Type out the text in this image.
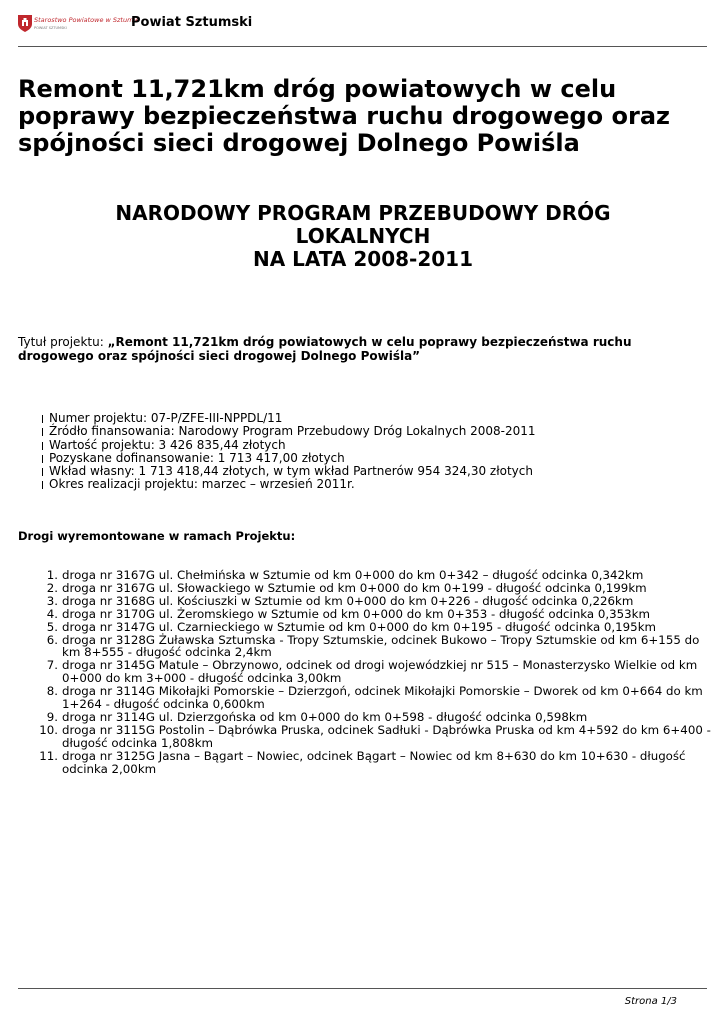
Starostwo Powiatowe w Sztumie
POWIAT SZTUMSKI	Powiat Sztumski
Remont 11,721km dróg powiatowych w celu poprawy bezpieczeństwa ruchu drogowego oraz spójności sieci drogowej Dolnego Powiśla
NARODOWY PROGRAM PRZEBUDOWY DRÓG
LOKALNYCH
NA LATA 2008-2011

Tytuł projektu: „Remont 11,721km dróg powiatowych w celu poprawy bezpieczeństwa ruchu drogowego oraz spójności sieci drogowej Dolnego Powiśla”

Numer projektu: 07-P/ZFE-III-NPPDL/11
Źródło finansowania: Narodowy Program Przebudowy Dróg Lokalnych 2008-2011
Wartość projektu: 3 426 835,44 złotych
Pozyskane dofinansowanie: 1 713 417,00 złotych
Wkład własny: 1 713 418,44 złotych, w tym wkład Partnerów 954 324,30 złotych
Okres realizacji projektu: marzec – wrzesień 2011r.
Drogi wyremontowane w ramach Projektu:
1. droga nr 3167G ul. Chełmińska w Sztumie od km 0+000 do km 0+342 – długość odcinka 0,342km
2. droga nr 3167G ul. Słowackiego w Sztumie od km 0+000 do km 0+199 - długość odcinka 0,199km
3. droga nr 3168G ul. Kościuszki w Sztumie od km 0+000 do km 0+226 - długość odcinka 0,226km
4. droga nr 3170G ul. Żeromskiego w Sztumie od km 0+000 do km 0+353 - długość odcinka 0,353km
5. droga nr 3147G ul. Czarnieckiego w Sztumie od km 0+000 do km 0+195 - długość odcinka 0,195km
6. droga nr 3128G Żuławska Sztumska - Tropy Sztumskie, odcinek Bukowo – Tropy Sztumskie od km 6+155 do km 8+555 - długość odcinka 2,4km
7. droga nr 3145G Matule – Obrzynowo, odcinek od drogi wojewódzkiej nr 515 – Monasterzysko Wielkie od km 0+000 do km 3+000 - długość odcinka 3,00km
8. droga nr 3114G Mikołajki Pomorskie – Dzierzgoń, odcinek Mikołajki Pomorskie – Dworek od km 0+664 do km 1+264 - długość odcinka 0,600km
9. droga nr 3114G ul. Dzierzgońska od km 0+000 do km 0+598 - długość odcinka 0,598km
10. droga nr 3115G Postolin – Dąbrówka Pruska, odcinek Sadłuki - Dąbrówka Pruska od km 4+592 do km 6+400 - długość odcinka 1,808km
11. droga nr 3125G Jasna – Bągart – Nowiec, odcinek Bągart – Nowiec od km 8+630 do km 10+630 - długość odcinka 2,00km
Strona 1/3
